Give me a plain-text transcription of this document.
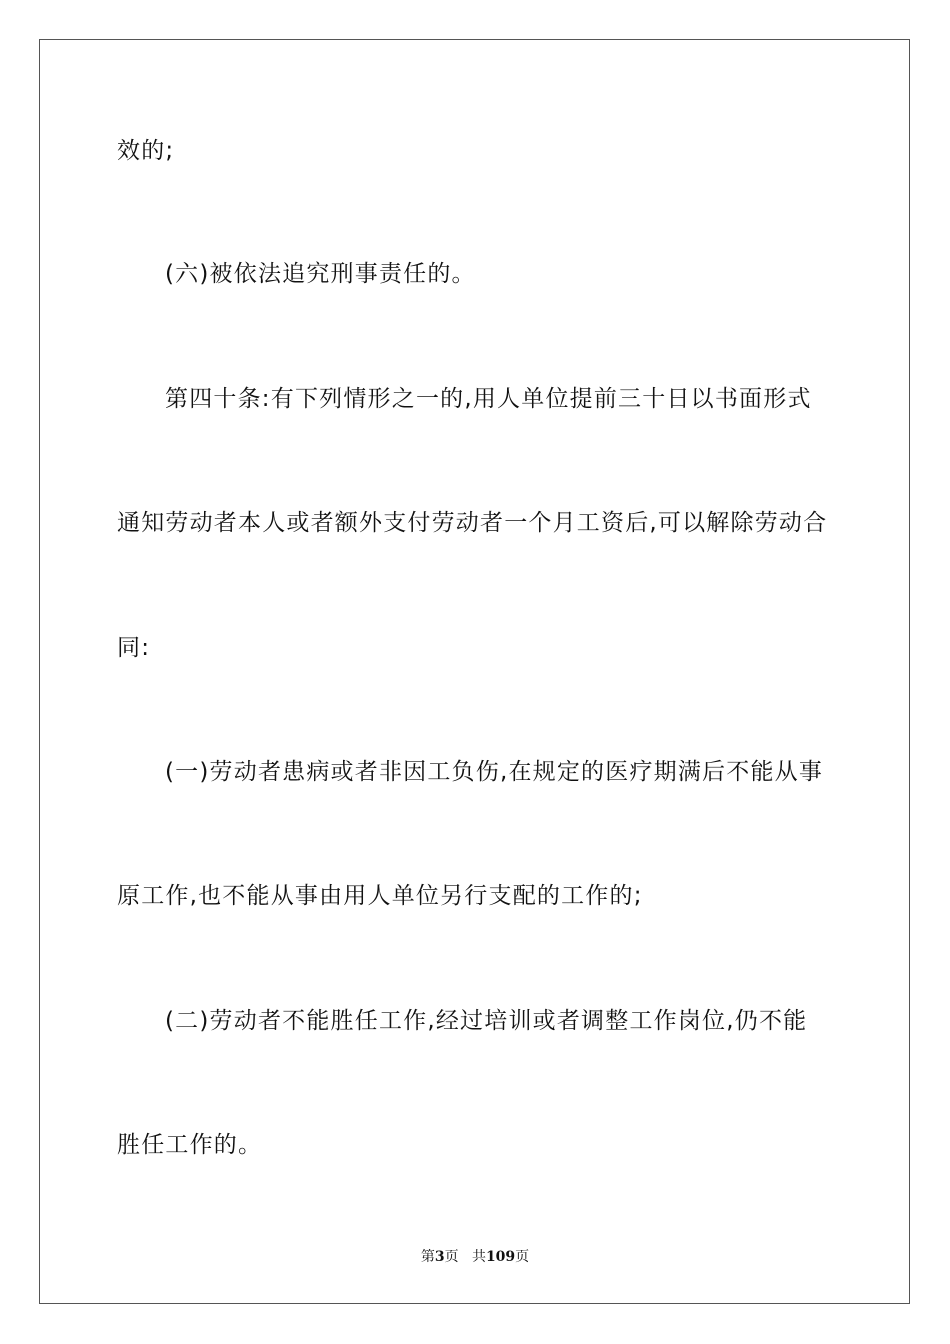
效的;
(六)被依法追究刑事责任的。
第四十条:有下列情形之一的,用人单位提前三十日以书面形式
通知劳动者本人或者额外支付劳动者一个月工资后,可以解除劳动合
同:
(一)劳动者患病或者非因工负伤,在规定的医疗期满后不能从事
原工作,也不能从事由用人单位另行支配的工作的;
(二)劳动者不能胜任工作,经过培训或者调整工作岗位,仍不能
胜任工作的。
第3页 共109页
